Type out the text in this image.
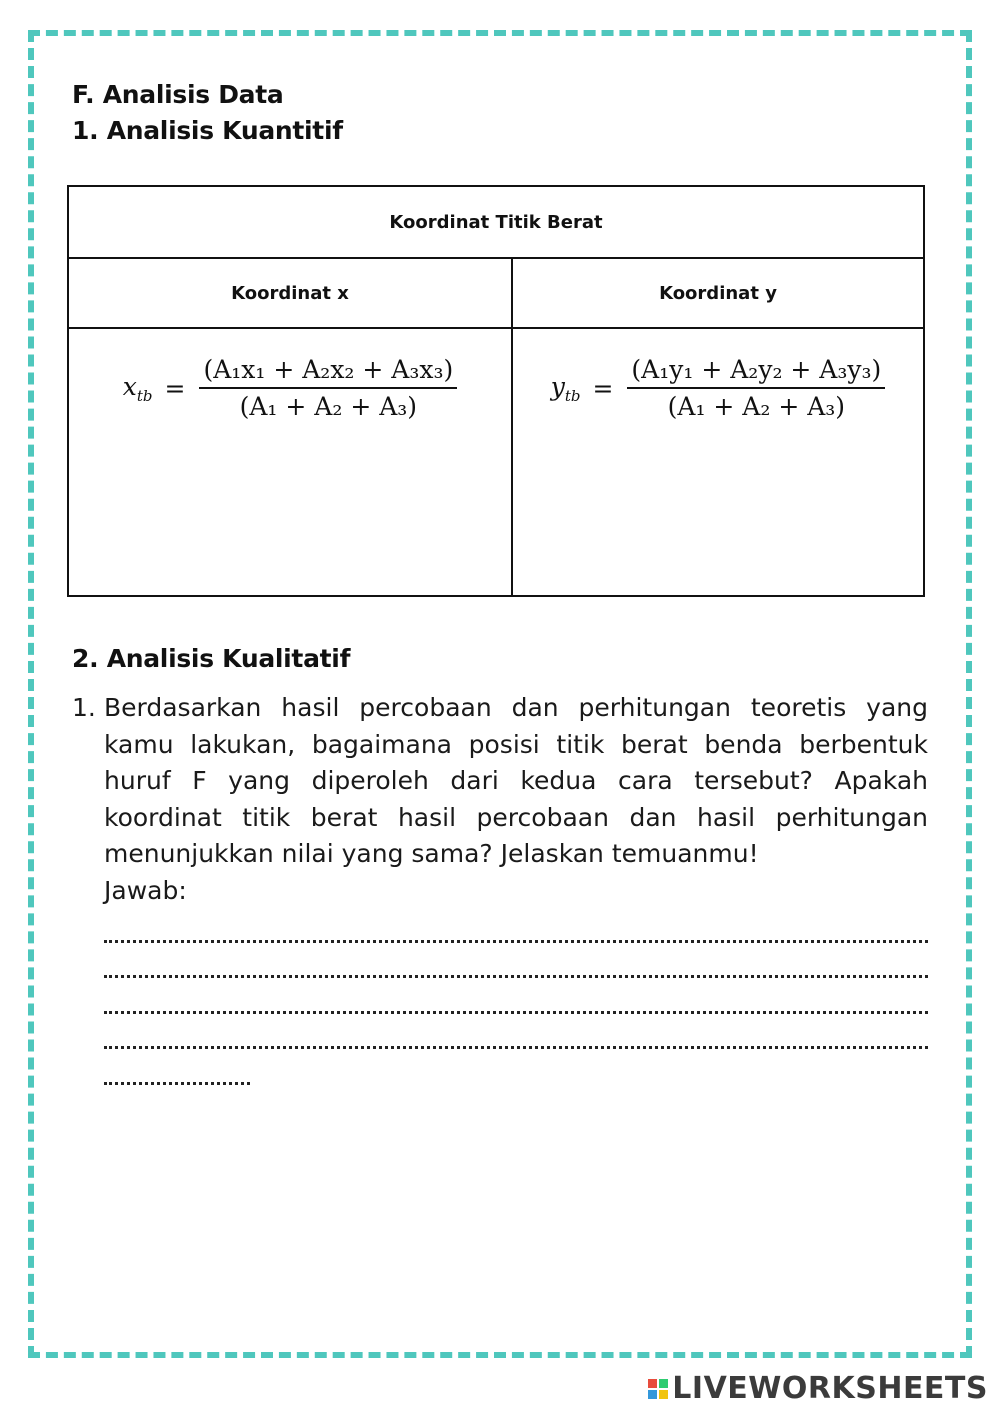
F. Analisis Data
1. Analisis Kuantitif
Koordinat Titik Berat	
Koordinat x	Koordinat y

$x_{tb} = \frac{\text{(A₁x₁ + A₂x₂ + A₃x₃)}}{\text{(A₁ + A₂ + A₃)}}$	$y_{tb} = \frac{\text{(A₁y₁ + A₂y₂ + A₃y₃)}}{\text{(A₁ + A₂ + A₃)}}$
2. Analisis Kualitatif
1. Berdasarkan hasil percobaan dan perhitungan teoretis yang kamu lakukan, bagaimana posisi titik berat benda berbentuk huruf F yang diperoleh dari kedua cara tersebut? Apakah koordinat titik berat hasil percobaan dan hasil perhitungan menunjukkan nilai yang sama? Jelaskan temuanmu!
Jawab:
LIVEWORKSHEETS
